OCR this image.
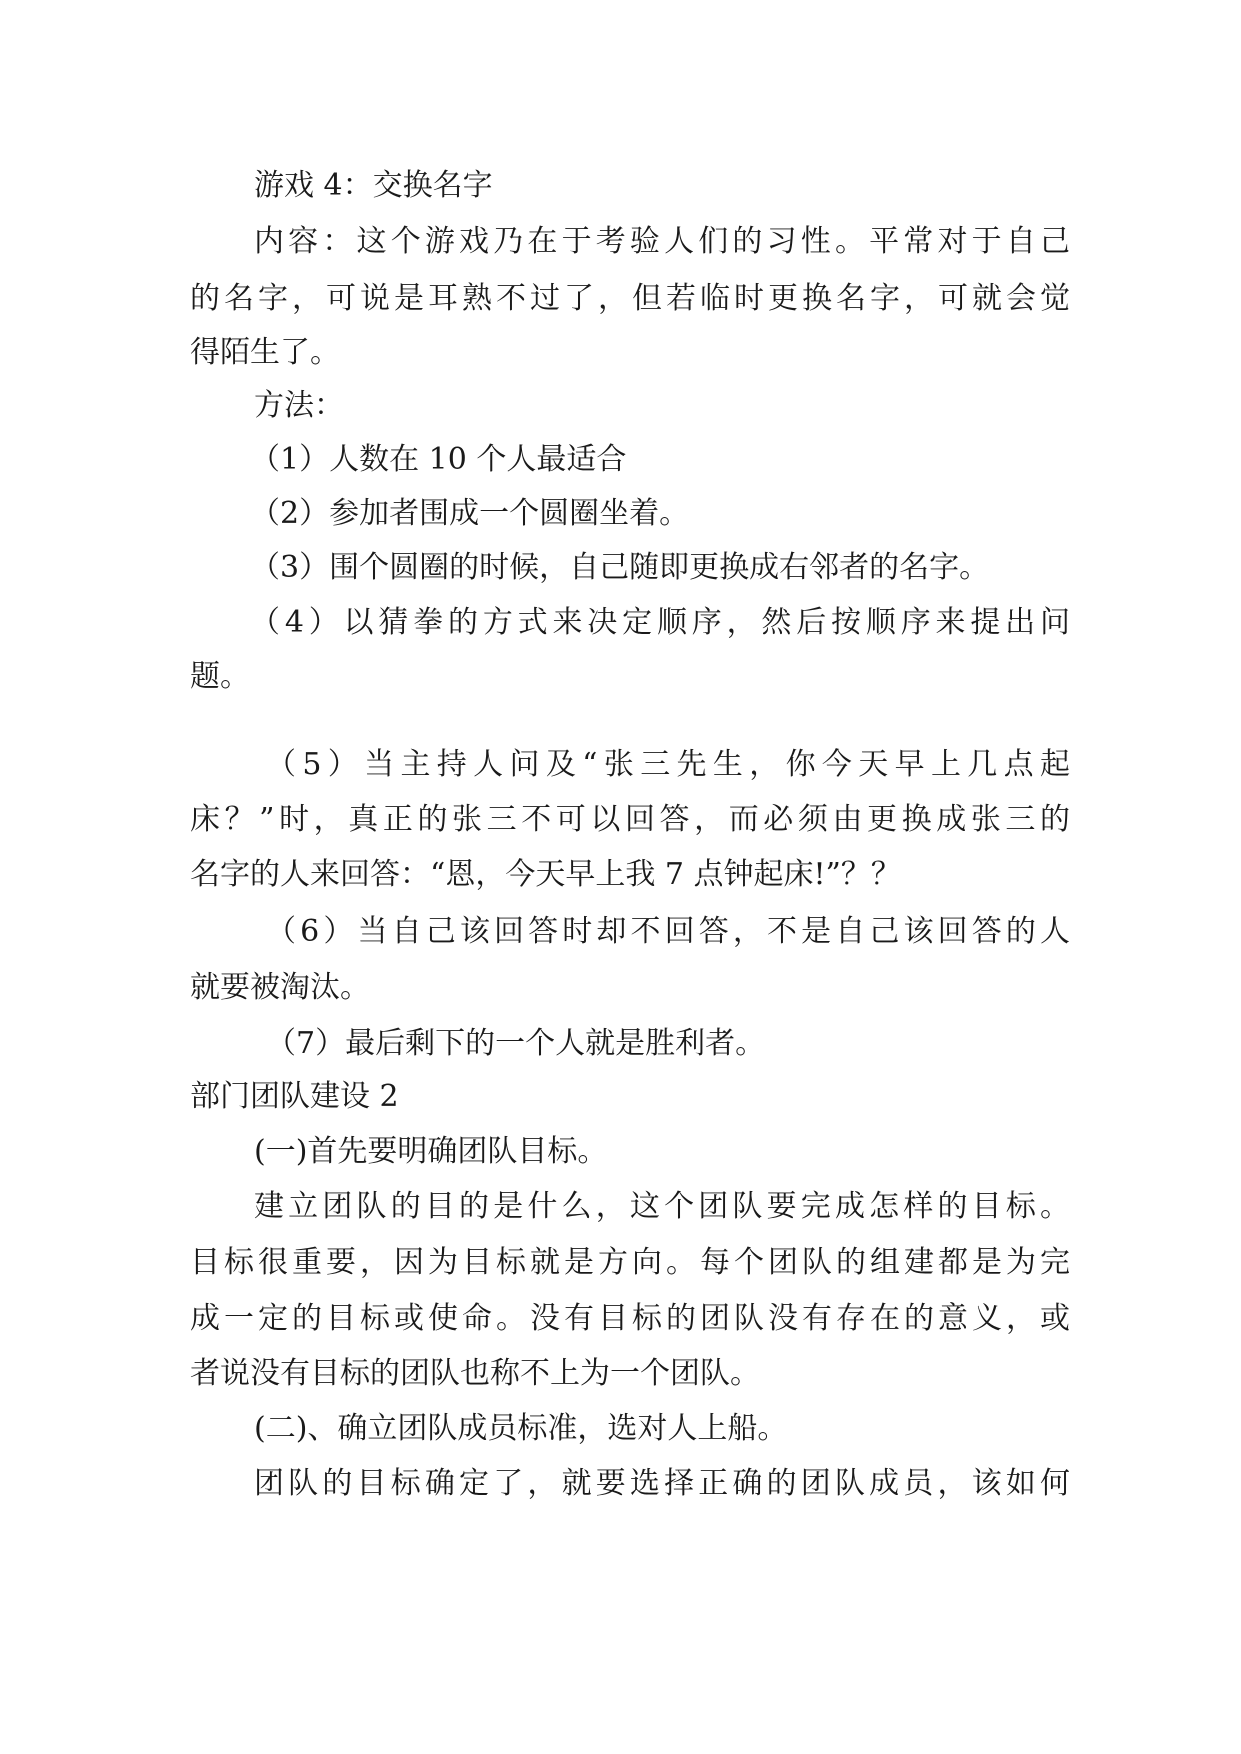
游戏 4：交换名字
内容：这个游戏乃在于考验人们的习性。平常对于自己
的名字，可说是耳熟不过了，但若临时更换名字，可就会觉
得陌生了。
方法：
（1）人数在 10 个人最适合
（2）参加者围成一个圆圈坐着。
（3）围个圆圈的时候，自己随即更换成右邻者的名字。
（4）以猜拳的方式来决定顺序，然后按顺序来提出问
题。
（5）当主持人问及“张三先生，你今天早上几点起
床？”时，真正的张三不可以回答，而必须由更换成张三的
名字的人来回答：“恩，今天早上我 7 点钟起床!”？？
（6）当自己该回答时却不回答，不是自己该回答的人
就要被淘汰。
（7）最后剩下的一个人就是胜利者。
部门团队建设 2
(一)首先要明确团队目标。
建立团队的目的是什么，这个团队要完成怎样的目标。
目标很重要，因为目标就是方向。每个团队的组建都是为完
成一定的目标或使命。没有目标的团队没有存在的意义，或
者说没有目标的团队也称不上为一个团队。
(二)、确立团队成员标准，选对人上船。
团队的目标确定了，就要选择正确的团队成员，该如何
